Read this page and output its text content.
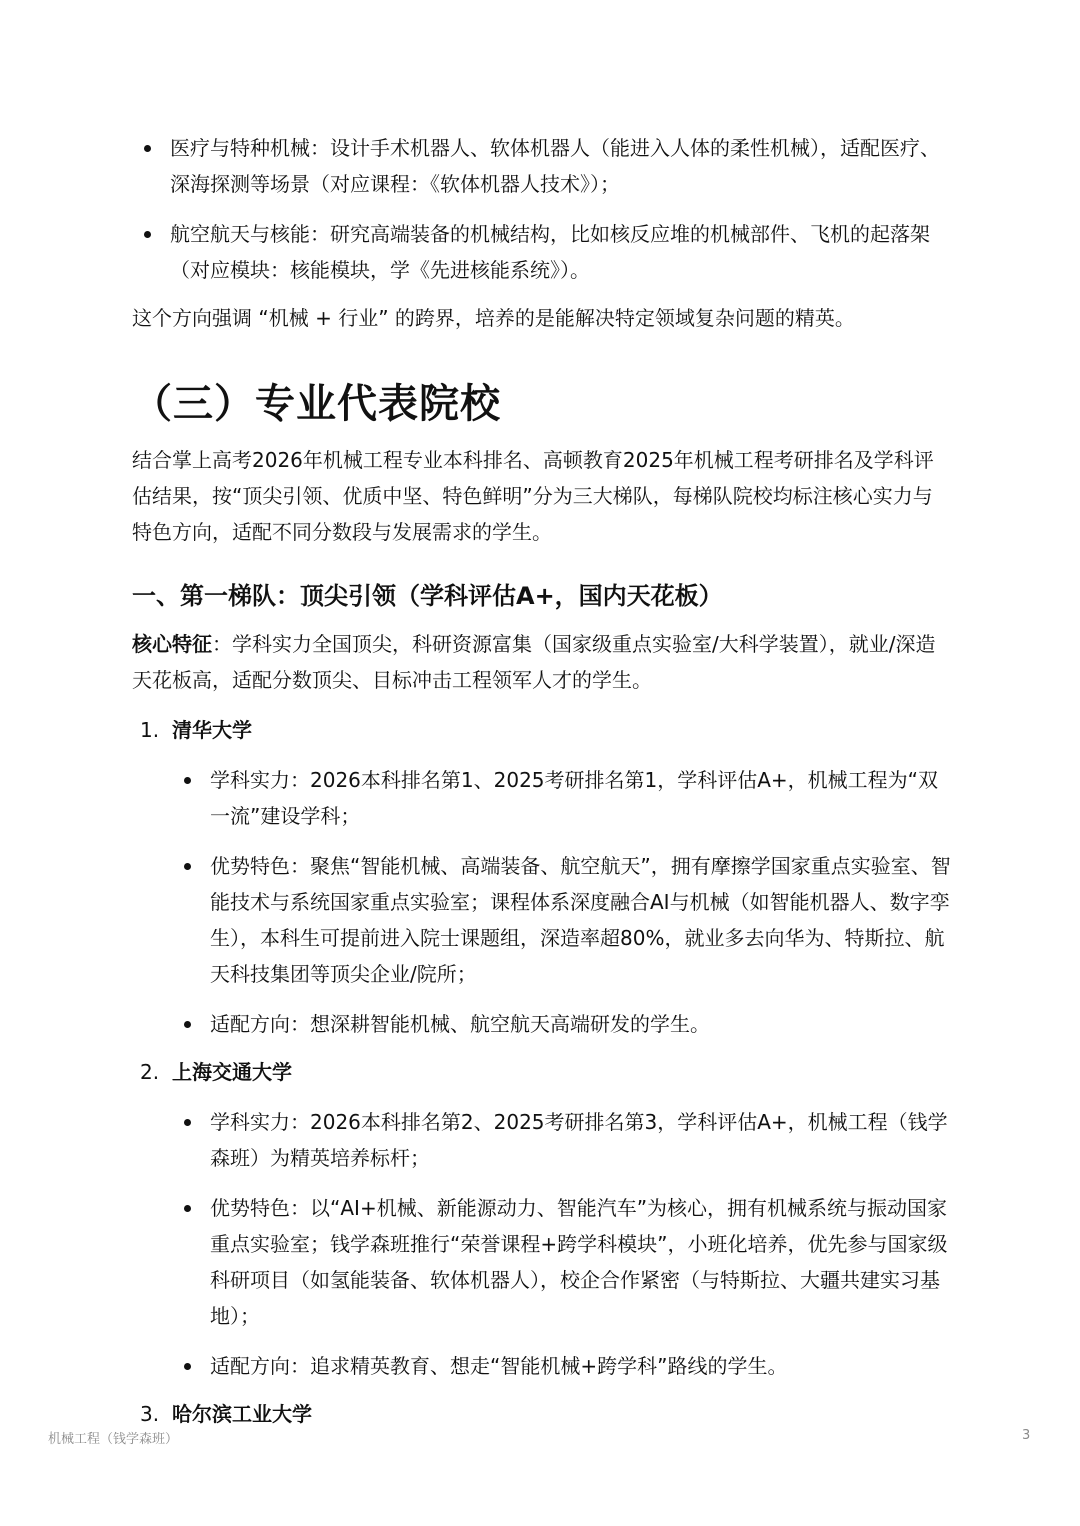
医疗与特种机械：设计手术机器人、软体机器人（能进入人体的柔性机械），适配医疗、深海探测等场景（对应课程：《软体机器人技术》）；

航空航天与核能：研究高端装备的机械结构，比如核反应堆的机械部件、飞机的起落架（对应模块：核能模块，学《先进核能系统》）。

这个方向强调 “机械 + 行业” 的跨界，培养的是能解决特定领域复杂问题的精英。

（三）专业代表院校

结合掌上高考2026年机械工程专业本科排名、高顿教育2025年机械工程考研排名及学科评估结果，按“顶尖引领、优质中坚、特色鲜明”分为三大梯队，每梯队院校均标注核心实力与特色方向，适配不同分数段与发展需求的学生。

一、第一梯队：顶尖引领（学科评估A+，国内天花板）

核心特征：学科实力全国顶尖，科研资源富集（国家级重点实验室/大科学装置），就业/深造天花板高，适配分数顶尖、目标冲击工程领军人才的学生。

1. 清华大学

学科实力：2026本科排名第1、2025考研排名第1，学科评估A+，机械工程为“双一流”建设学科；

优势特色：聚焦“智能机械、高端装备、航空航天”，拥有摩擦学国家重点实验室、智能技术与系统国家重点实验室；课程体系深度融合AI与机械（如智能机器人、数字孪生），本科生可提前进入院士课题组，深造率超80%，就业多去向华为、特斯拉、航天科技集团等顶尖企业/院所；

适配方向：想深耕智能机械、航空航天高端研发的学生。

2. 上海交通大学

学科实力：2026本科排名第2、2025考研排名第3，学科评估A+，机械工程（钱学森班）为精英培养标杆；

优势特色：以“AI+机械、新能源动力、智能汽车”为核心，拥有机械系统与振动国家重点实验室；钱学森班推行“荣誉课程+跨学科模块”，小班化培养，优先参与国家级科研项目（如氢能装备、软体机器人），校企合作紧密（与特斯拉、大疆共建实习基地）；

适配方向：追求精英教育、想走“智能机械+跨学科”路线的学生。

3. 哈尔滨工业大学

机械工程（钱学森班）	3
